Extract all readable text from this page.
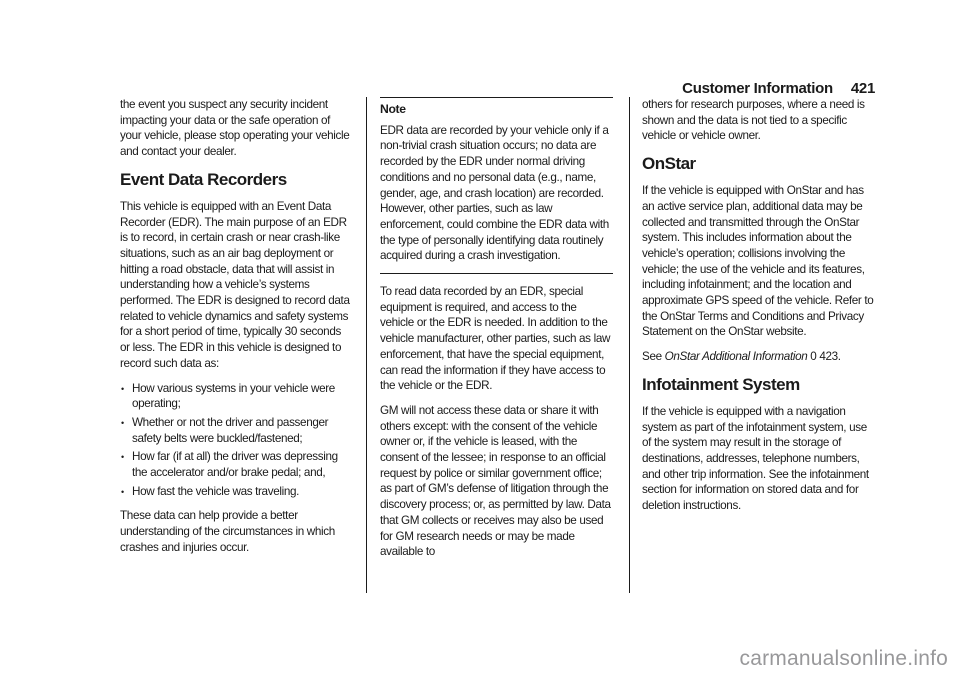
Customer Information 421

the event you suspect any security incident impacting your data or the safe operation of your vehicle, please stop operating your vehicle and contact your dealer.

Event Data Recorders

This vehicle is equipped with an Event Data Recorder (EDR). The main purpose of an EDR is to record, in certain crash or near crash-like situations, such as an air bag deployment or hitting a road obstacle, data that will assist in understanding how a vehicle’s systems performed. The EDR is designed to record data related to vehicle dynamics and safety systems for a short period of time, typically 30 seconds or less. The EDR in this vehicle is designed to record such data as:

• How various systems in your vehicle were operating;
• Whether or not the driver and passenger safety belts were buckled/fastened;
• How far (if at all) the driver was depressing the accelerator and/or brake pedal; and,
• How fast the vehicle was traveling.

These data can help provide a better understanding of the circumstances in which crashes and injuries occur.

Note

EDR data are recorded by your vehicle only if a non-trivial crash situation occurs; no data are recorded by the EDR under normal driving conditions and no personal data (e.g., name, gender, age, and crash location) are recorded. However, other parties, such as law enforcement, could combine the EDR data with the type of personally identifying data routinely acquired during a crash investigation.

To read data recorded by an EDR, special equipment is required, and access to the vehicle or the EDR is needed. In addition to the vehicle manufacturer, other parties, such as law enforcement, that have the special equipment, can read the information if they have access to the vehicle or the EDR.

GM will not access these data or share it with others except: with the consent of the vehicle owner or, if the vehicle is leased, with the consent of the lessee; in response to an official request by police or similar government office; as part of GM’s defense of litigation through the discovery process; or, as permitted by law. Data that GM collects or receives may also be used for GM research needs or may be made available to

others for research purposes, where a need is shown and the data is not tied to a specific vehicle or vehicle owner.

OnStar

If the vehicle is equipped with OnStar and has an active service plan, additional data may be collected and transmitted through the OnStar system. This includes information about the vehicle’s operation; collisions involving the vehicle; the use of the vehicle and its features, including infotainment; and the location and approximate GPS speed of the vehicle. Refer to the OnStar Terms and Conditions and Privacy Statement on the OnStar website.

See OnStar Additional Information 0 423.

Infotainment System

If the vehicle is equipped with a navigation system as part of the infotainment system, use of the system may result in the storage of destinations, addresses, telephone numbers, and other trip information. See the infotainment section for information on stored data and for deletion instructions.

carmanualsonline.info
